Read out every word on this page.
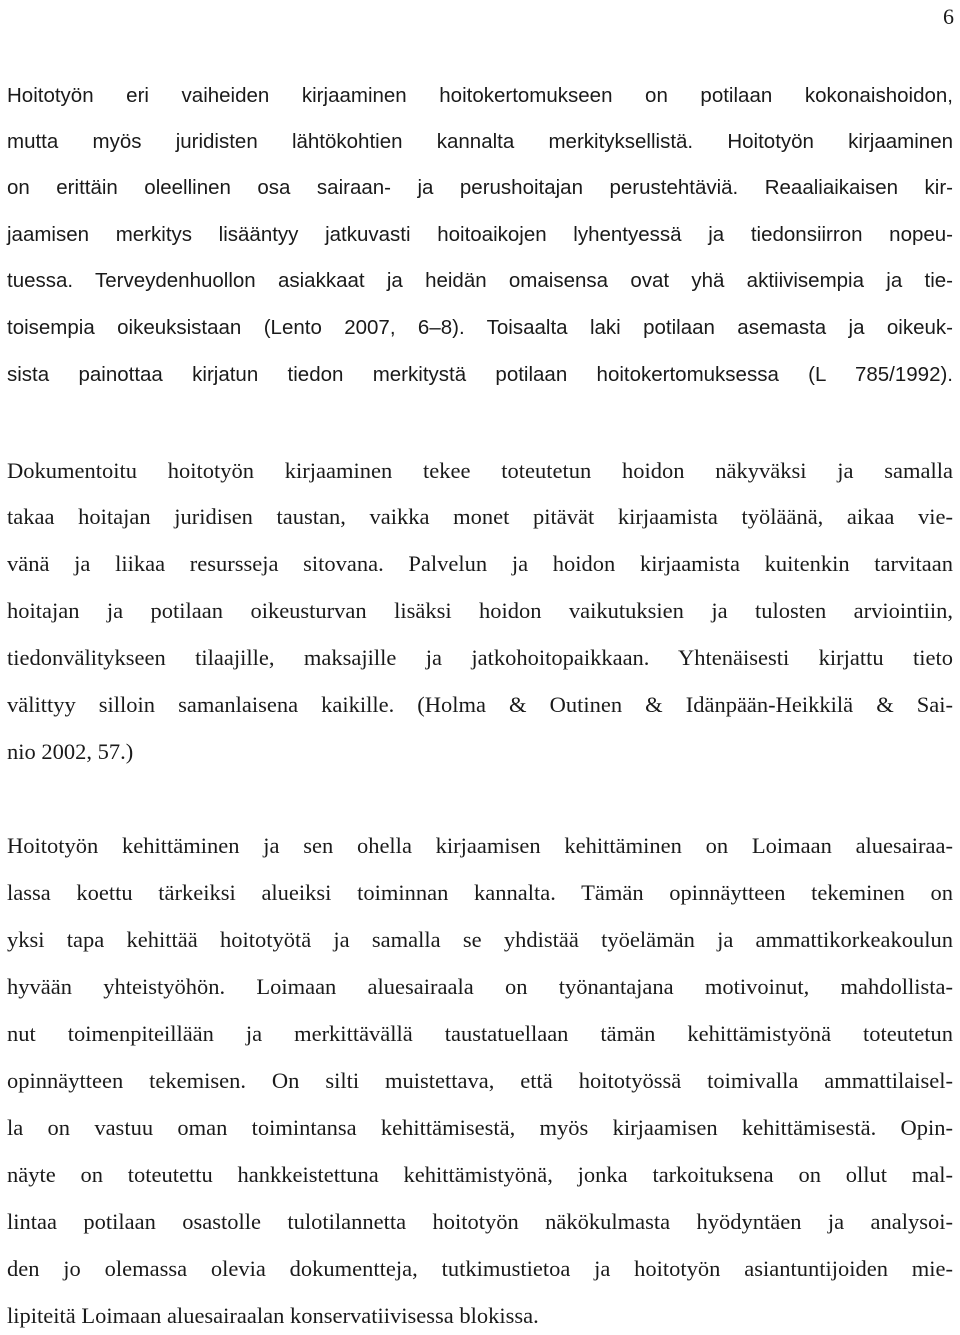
6
Hoitotyön eri vaiheiden kirjaaminen hoitokertomukseen on potilaan kokonaishoidon,
mutta myös juridisten lähtökohtien kannalta merkityksellistä. Hoitotyön kirjaaminen
on erittäin oleellinen osa sairaan- ja perushoitajan perustehtäviä. Reaaliaikaisen kir-
jaamisen merkitys lisääntyy jatkuvasti hoitoaikojen lyhentyessä ja tiedonsiirron nopeu-
tuessa. Terveydenhuollon asiakkaat ja heidän omaisensa ovat yhä aktiivisempia ja tie-
toisempia oikeuksistaan (Lento 2007, 6–8). Toisaalta laki potilaan asemasta ja oikeuk-
sista painottaa kirjatun tiedon merkitystä potilaan hoitokertomuksessa (L 785/1992).
Dokumentoitu hoitotyön kirjaaminen tekee toteutetun hoidon näkyväksi ja samalla
takaa hoitajan juridisen taustan, vaikka monet pitävät kirjaamista työläänä, aikaa vie-
vänä ja liikaa resursseja sitovana. Palvelun ja hoidon kirjaamista kuitenkin tarvitaan
hoitajan ja potilaan oikeusturvan lisäksi hoidon vaikutuksien ja tulosten arviointiin,
tiedonvälitykseen tilaajille, maksajille ja jatkohoitopaikkaan. Yhtenäisesti kirjattu tieto
välittyy silloin samanlaisena kaikille. (Holma & Outinen & Idänpään-Heikkilä & Sai-
nio 2002, 57.)
Hoitotyön kehittäminen ja sen ohella kirjaamisen kehittäminen on Loimaan aluesairaa-
lassa koettu tärkeiksi alueiksi toiminnan kannalta. Tämän opinnäytteen tekeminen on
yksi tapa kehittää hoitotyötä ja samalla se yhdistää työelämän ja ammattikorkeakoulun
hyvään yhteistyöhön. Loimaan aluesairaala on työnantajana motivoinut, mahdollista-
nut toimenpiteillään ja merkittävällä taustatuellaan tämän kehittämistyönä toteutetun
opinnäytteen tekemisen. On silti muistettava, että hoitotyössä toimivalla ammattilaisel-
la on vastuu oman toimintansa kehittämisestä, myös kirjaamisen kehittämisestä. Opin-
näyte on toteutettu hankkeistettuna kehittämistyönä, jonka tarkoituksena on ollut mal-
lintaa potilaan osastolle tulotilannetta hoitotyön näkökulmasta hyödyntäen ja analysoi-
den jo olemassa olevia dokumentteja, tutkimustietoa ja hoitotyön asiantuntijoiden mie-
lipiteitä Loimaan aluesairaalan konservatiivisessa blokissa.
